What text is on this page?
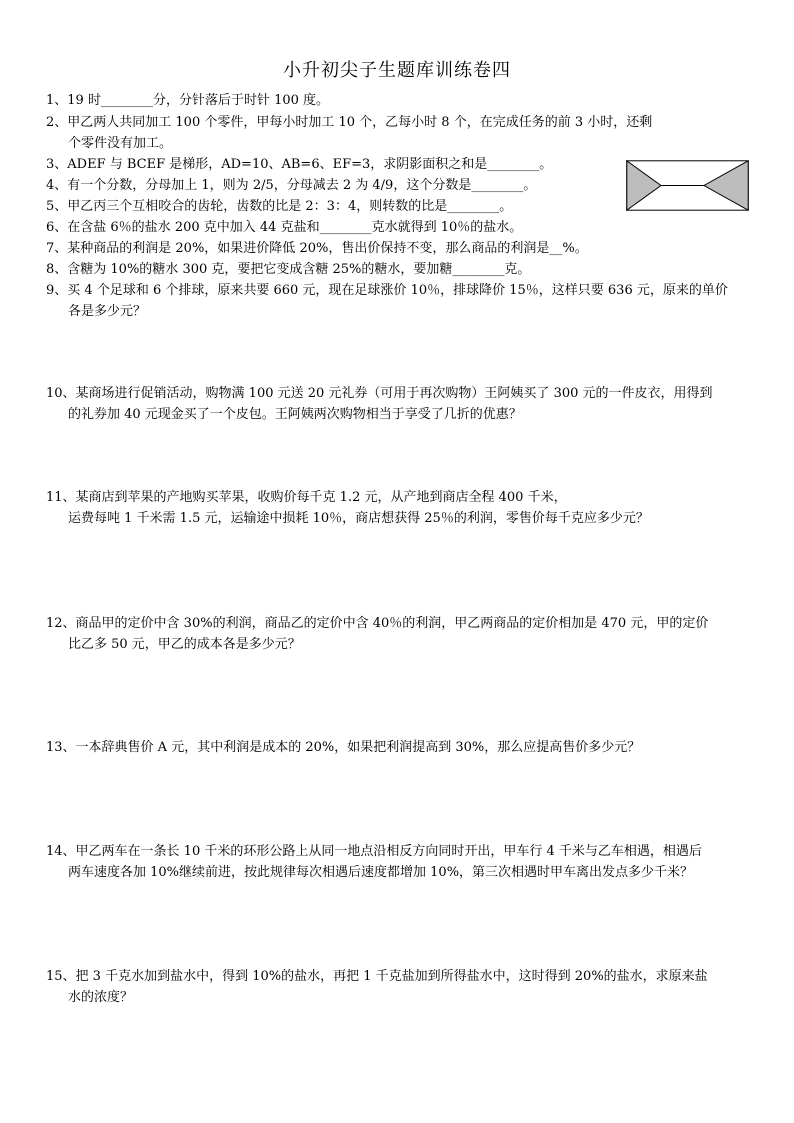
小升初尖子生题库训练卷四
1、19 时________分，分针落后于时针 100 度。
2、甲乙两人共同加工 100 个零件，甲每小时加工 10 个，乙每小时 8 个，在完成任务的前 3 小时，还剩
个零件没有加工。
3、ADEF 与 BCEF 是梯形，AD=10、AB=6、EF=3，求阴影面积之和是________。
4、有一个分数，分母加上 1，则为 2/5，分母减去 2 为 4/9，这个分数是________。
5、甲乙丙三个互相咬合的齿轮，齿数的比是 2：3：4，则转数的比是________。
6、在含盐 6％的盐水 200 克中加入 44 克盐和________克水就得到 10％的盐水。
7、某种商品的利润是 20%，如果进价降低 20%，售出价保持不变，那么商品的利润是__%。
8、含糖为 10%的糖水 300 克，要把它变成含糖 25%的糖水，要加糖________克。
9、买 4 个足球和 6 个排球，原来共要 660 元，现在足球涨价 10％，排球降价 15％，这样只要 636 元，原来的单价
各是多少元？
10、某商场进行促销活动，购物满 100 元送 20 元礼券（可用于再次购物）王阿姨买了 300 元的一件皮衣，用得到
的礼券加 40 元现金买了一个皮包。王阿姨两次购物相当于享受了几折的优惠？
11、某商店到苹果的产地购买苹果，收购价每千克 1.2 元，从产地到商店全程 400 千米，
运费每吨 1 千米需 1.5 元，运输途中损耗 10％，商店想获得 25％的利润，零售价每千克应多少元？
12、商品甲的定价中含 30%的利润，商品乙的定价中含 40％的利润，甲乙两商品的定价相加是 470 元，甲的定价
比乙多 50 元，甲乙的成本各是多少元？
13、一本辞典售价 A 元，其中利润是成本的 20%，如果把利润提高到 30%，那么应提高售价多少元？
14、甲乙两车在一条长 10 千米的环形公路上从同一地点沿相反方向同时开出，甲车行 4 千米与乙车相遇，相遇后
两车速度各加 10%继续前进，按此规律每次相遇后速度都增加 10%，第三次相遇时甲车离出发点多少千米？
15、把 3 千克水加到盐水中，得到 10%的盐水，再把 1 千克盐加到所得盐水中，这时得到 20%的盐水，求原来盐
水的浓度？
